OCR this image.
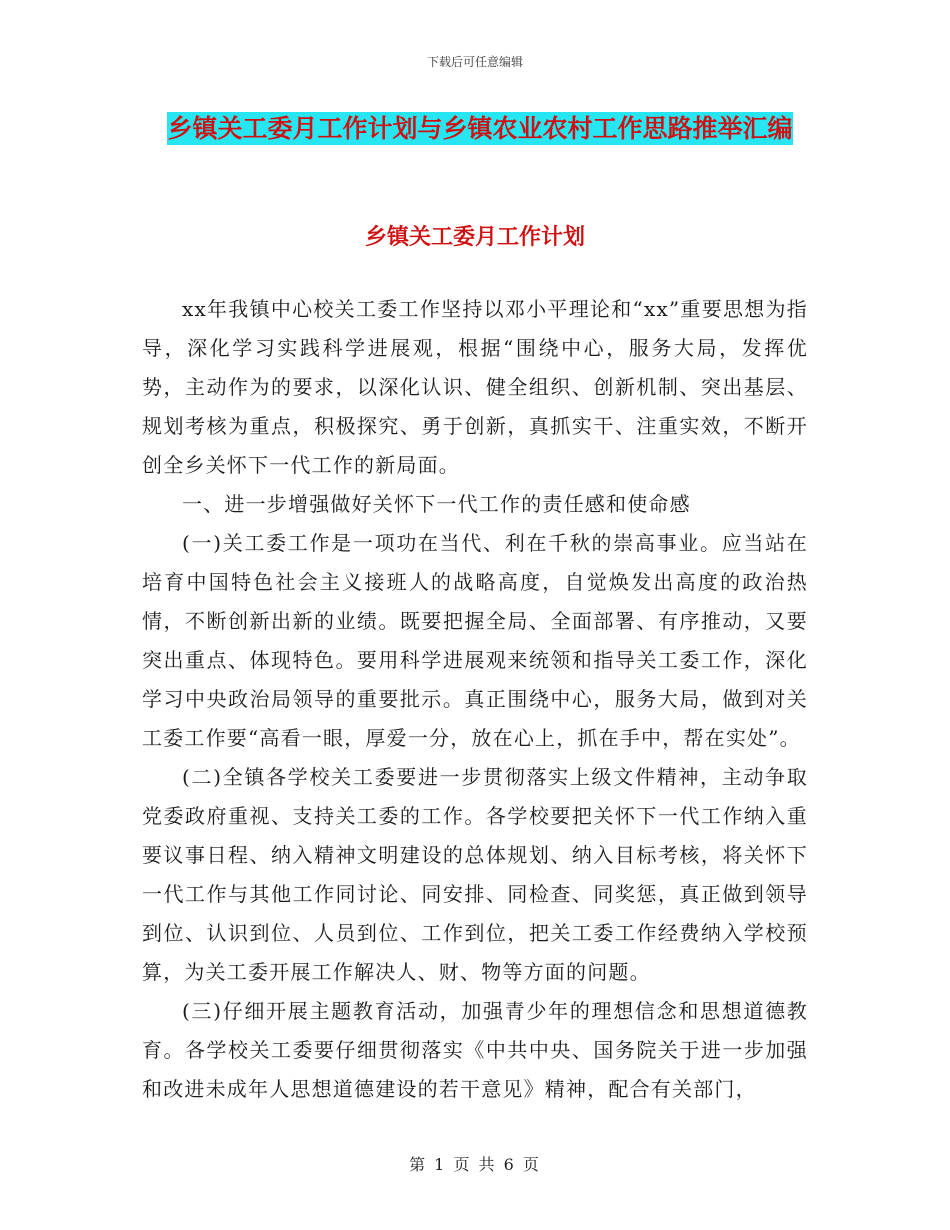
下载后可任意编辑
乡镇关工委月工作计划与乡镇农业农村工作思路推举汇编
乡镇关工委月工作计划

xx年我镇中心校关工委工作坚持以邓小平理论和“xx”重要思想为指导，深化学习实践科学进展观，根据“围绕中心，服务大局，发挥优势，主动作为的要求，以深化认识、健全组织、创新机制、突出基层、规划考核为重点，积极探究、勇于创新，真抓实干、注重实效，不断开创全乡关怀下一代工作的新局面。

一、进一步增强做好关怀下一代工作的责任感和使命感

(一)关工委工作是一项功在当代、利在千秋的崇高事业。应当站在培育中国特色社会主义接班人的战略高度，自觉焕发出高度的政治热情，不断创新出新的业绩。既要把握全局、全面部署、有序推动，又要突出重点、体现特色。要用科学进展观来统领和指导关工委工作，深化学习中央政治局领导的重要批示。真正围绕中心，服务大局，做到对关工委工作要“高看一眼，厚爱一分，放在心上，抓在手中，帮在实处”。

(二)全镇各学校关工委要进一步贯彻落实上级文件精神，主动争取党委政府重视、支持关工委的工作。各学校要把关怀下一代工作纳入重要议事日程、纳入精神文明建设的总体规划、纳入目标考核，将关怀下一代工作与其他工作同讨论、同安排、同检查、同奖惩，真正做到领导到位、认识到位、人员到位、工作到位，把关工委工作经费纳入学校预算，为关工委开展工作解决人、财、物等方面的问题。

(三)仔细开展主题教育活动，加强青少年的理想信念和思想道德教育。各学校关工委要仔细贯彻落实《中共中央、国务院关于进一步加强和改进未成年人思想道德建设的若干意见》精神，配合有关部门，

第 1 页 共 6 页
